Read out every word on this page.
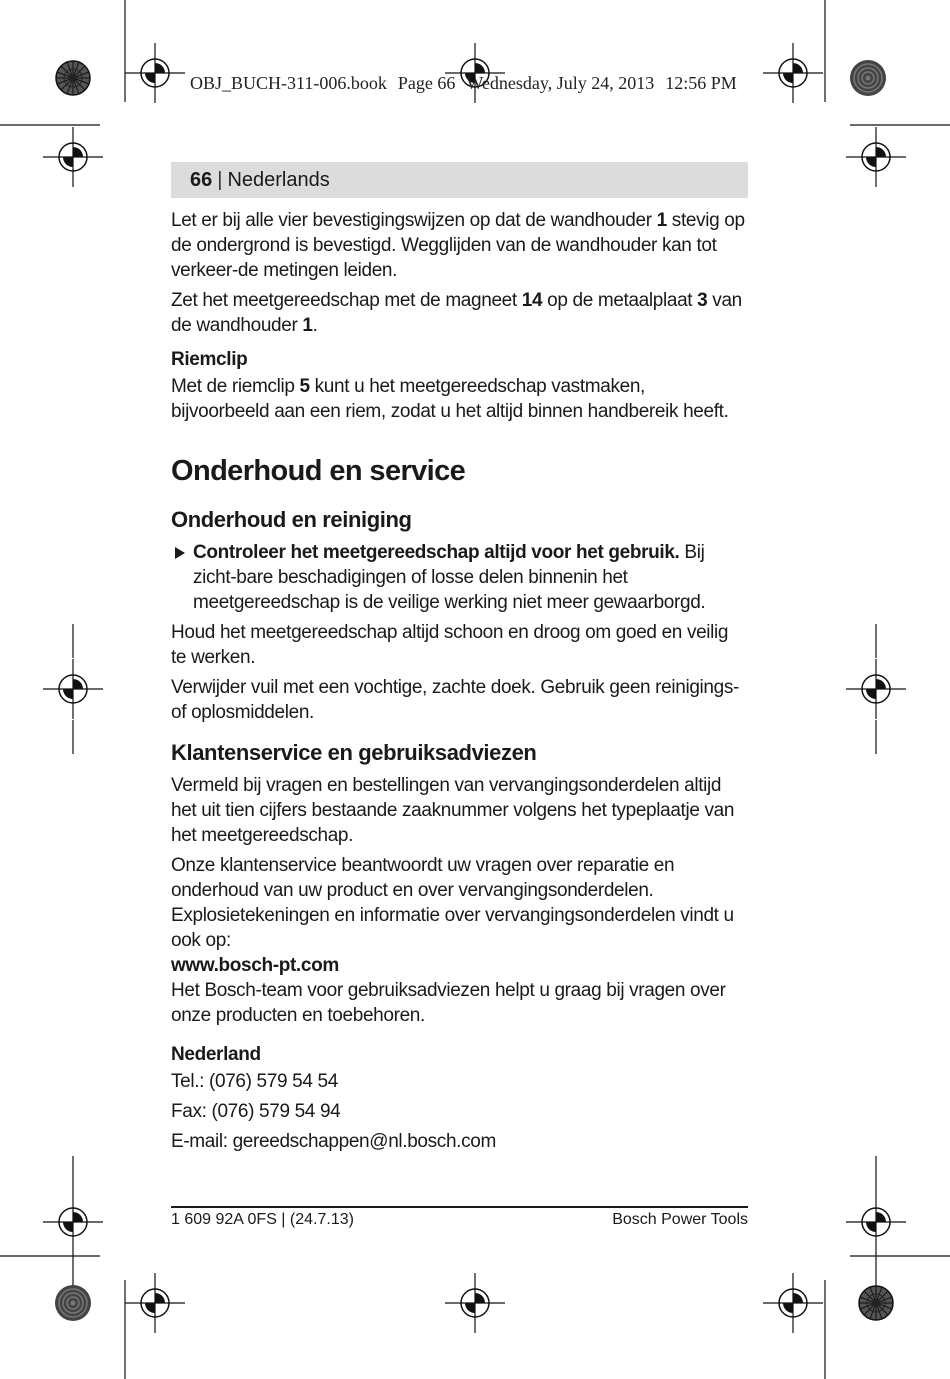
OBJ_BUCH-311-006.book Page 66 Wednesday, July 24, 2013 12:56 PM
66 | Nederlands

Let er bij alle vier bevestigingswijzen op dat de wandhouder 1 stevig op de ondergrond is bevestigd. Wegglijden van de wandhouder kan tot verkeer-de metingen leiden.

Zet het meetgereedschap met de magneet 14 op de metaalplaat 3 van de wandhouder 1.

Riemclip

Met de riemclip 5 kunt u het meetgereedschap vastmaken, bijvoorbeeld aan een riem, zodat u het altijd binnen handbereik heeft.

Onderhoud en service
Onderhoud en reiniging
Controleer het meetgereedschap altijd voor het gebruik. Bij zicht-bare beschadigingen of losse delen binnenin het meetgereedschap is de veilige werking niet meer gewaarborgd.

Houd het meetgereedschap altijd schoon en droog om goed en veilig te werken.

Verwijder vuil met een vochtige, zachte doek. Gebruik geen reinigings- of oplosmiddelen.

Klantenservice en gebruiksadviezen

Vermeld bij vragen en bestellingen van vervangingsonderdelen altijd het uit tien cijfers bestaande zaaknummer volgens het typeplaatje van het meetgereedschap.

Onze klantenservice beantwoordt uw vragen over reparatie en onderhoud van uw product en over vervangingsonderdelen. Explosietekeningen en informatie over vervangingsonderdelen vindt u ook op:
www.bosch-pt.com
Het Bosch-team voor gebruiksadviezen helpt u graag bij vragen over onze producten en toebehoren.

Nederland

Tel.: (076) 579 54 54

Fax: (076) 579 54 94

E-mail: gereedschappen@nl.bosch.com

1 609 92A 0FS | (24.7.13)	Bosch Power Tools
